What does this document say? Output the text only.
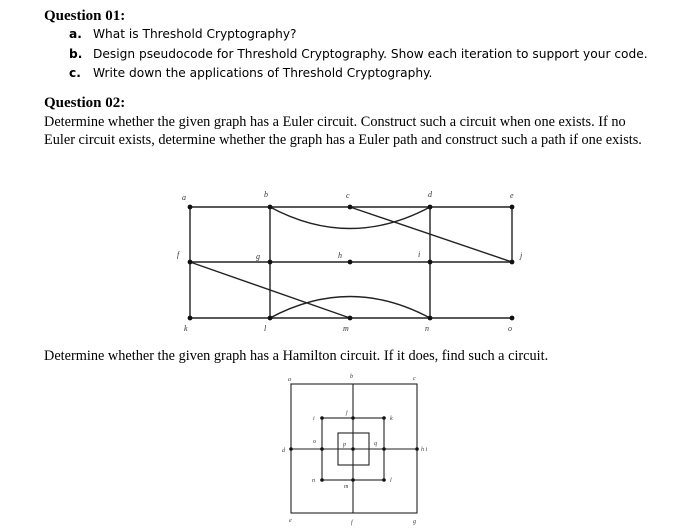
Question 01:
a. What is Threshold Cryptography?
b. Design pseudocode for Threshold Cryptography. Show each iteration to support your code.
c. Write down the applications of Threshold Cryptography.
Question 02:
Determine whether the given graph has a Euler circuit. Construct such a circuit when one exists. If no
Euler circuit exists, determine whether the graph has a Euler path and construct such a path if one exists.
a	b	c	d	e
f	g	h	i	j
k	l	m	n	o
Determine whether the given graph has a Hamilton circuit. If it does, find such a circuit.
a	b	c
d
e	f	g
i
j
k
l
m
n
o	p	q
h i
